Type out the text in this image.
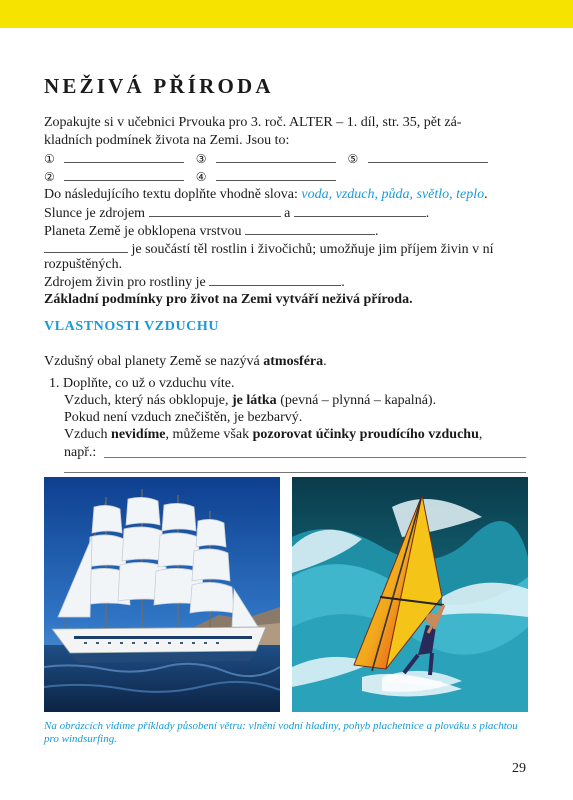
NEŽIVÁ PŘÍRODA
Zopakujte si v učebnici Prvouka pro 3. roč. ALTER – 1. díl, str. 35, pět zá-
kladních podmínek života na Zemi. Jsou to:
①	③	⑤
②	④
Do následujícího textu doplňte vhodně slova: voda, vzduch, půda, světlo, teplo.
Slunce je zdrojem	a	.
Planeta Země je obklopena vrstvou	.
je součástí těl rostlin i živočichů; umožňuje jim příjem živin v ní
rozpuštěných.
Zdrojem živin pro rostliny je	.
Základní podmínky pro život na Zemi vytváří neživá příroda.
VLASTNOSTI VZDUCHU
Vzdušný obal planety Země se nazývá atmosféra.
1. Doplňte, co už o vzduchu víte.
Vzduch, který nás obklopuje, je látka (pevná – plynná – kapalná).
Pokud není vzduch znečištěn, je bezbarvý.
Vzduch nevidíme, můžeme však pozorovat účinky proudícího vzduchu,
např.:
Na obrázcích vidíme příklady působení větru: vlnění vodní hladiny, pohyb plachetnice a plováku s plachtou pro windsurfing.
29
